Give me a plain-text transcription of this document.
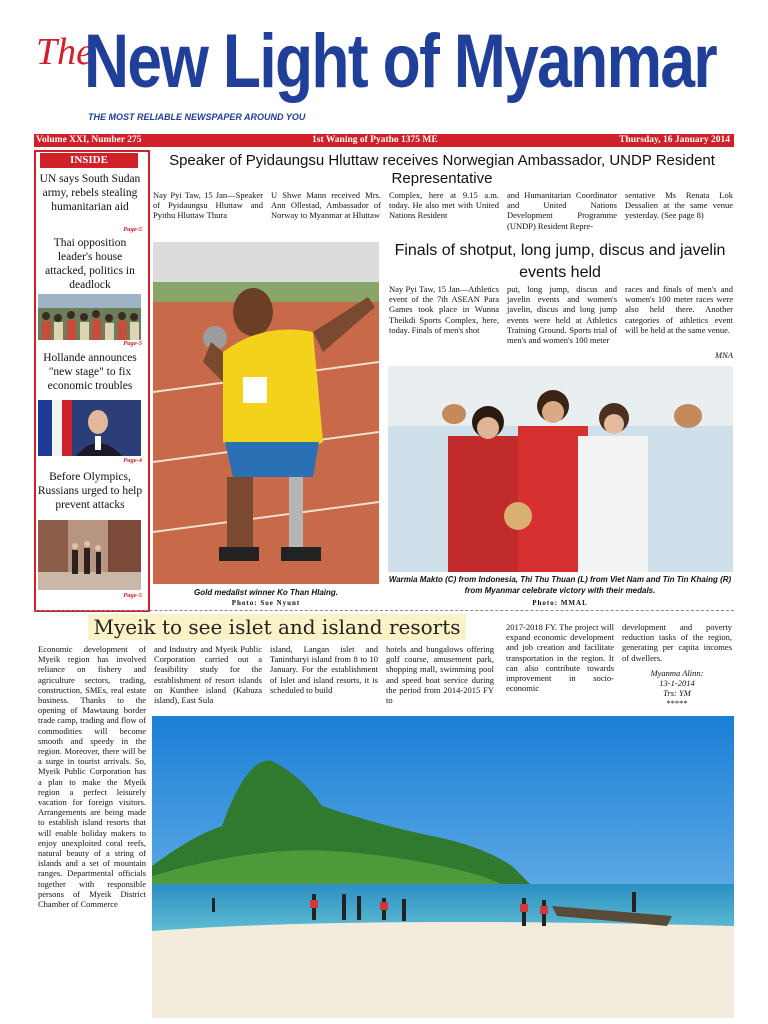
The
New Light of Myanmar
THE MOST RELIABLE NEWSPAPER AROUND YOU
Volume XXI, Number 275	1st Waning of Pyatho 1375 ME	Thursday, 16 January 2014
INSIDE
UN says South Sudan army, rebels stealing humanitarian aid
Page-5
Thai opposition leader's house attacked, politics in deadlock
Page-5
Hollande announces "new stage" to fix economic troubles
Page-4
Before Olympics, Russians urged to help prevent attacks
Page-5
Speaker of Pyidaungsu Hluttaw receives Norwegian Ambassador, UNDP Resident Representative
Nay Pyi Taw, 15 Jan—Speaker of Pyidaungsu Hluttaw and Pyithu Hluttaw Thura
U Shwe Mann received Mrs. Ann Ollestad, Ambassador of Norway to Myanmar at Hluttaw
Complex, here at 9.15 a.m. today. He also met with United Nations Resident
and Humanitarian Coordinator and United Nations Development Programme (UNDP) Resident Repre-
sentative Ms Renata Lok Dessalien at the same venue yesterday. (See page 8)
Gold medalist winner Ko Than Hlaing.
Photo: Soe Nyunt
Finals of shotput, long jump, discus and javelin events held
Nay Pyi Taw, 15 Jan—Athletics event of the 7th ASEAN Para Games took place in Wunna Theikdi Sports Complex, here, today. Finals of men's shot
put, long jump, discus and javelin events and women's javelin, discus and long jump events were held at Athletics Training Ground. Sports trial of men's and women's 100 meter
races and finals of men's and women's 100 meter races were also held there. Another categories of athletics event will be held at the same venue.
MNA
Warmia Makto (C) from Indonesia, Thi Thu Thuan (L) from Viet Nam and Tin Tin Khaing (R) from Myanmar celebrate victory with their medals.
Photo: MMAL
Myeik to see islet and island resorts
Economic development of Myeik region has involved reliance on fishery and agriculture sectors, trading, construction, SMEs, real estate business. Thanks to the opening of Mawtaung border trade camp, trading and flow of commodities will become smooth and speedy in the region. Moreover, there will be a surge in tourist arrivals. So, Myeik Public Corporation has a plan to make the Myeik region a perfect leisurely vacation for foreign visitors. Arrangements are being made to establish island resorts that will enable holiday makers to enjoy unexploited coral reefs, natural beauty of a string of islands and a set of mountain ranges. Departmental officials together with responsible persons of Myeik District Chamber of Commerce
and Industry and Myeik Public Corporation carried out a feasibility study for the establishment of resort islands on Kunthee island (Kabuza island), East Sula
island, Langan islet and Tanintharyi island from 8 to 10 January. For the establishment of Islet and island resorts, it is scheduled to build
hotels and bungalows offering golf course, amusement park, shopping mall, swimming pool and speed boat service during the period from 2014-2015 FY to
2017-2018 FY. The project will expand economic development and job creation and facilitate transportation in the region. It can also contribute towards improvement in socio-economic
development and poverty reduction tasks of the region, generating per capita incomes of dwellers.
Myanma Alinn:
13-1-2014
Trs: YM
*****
